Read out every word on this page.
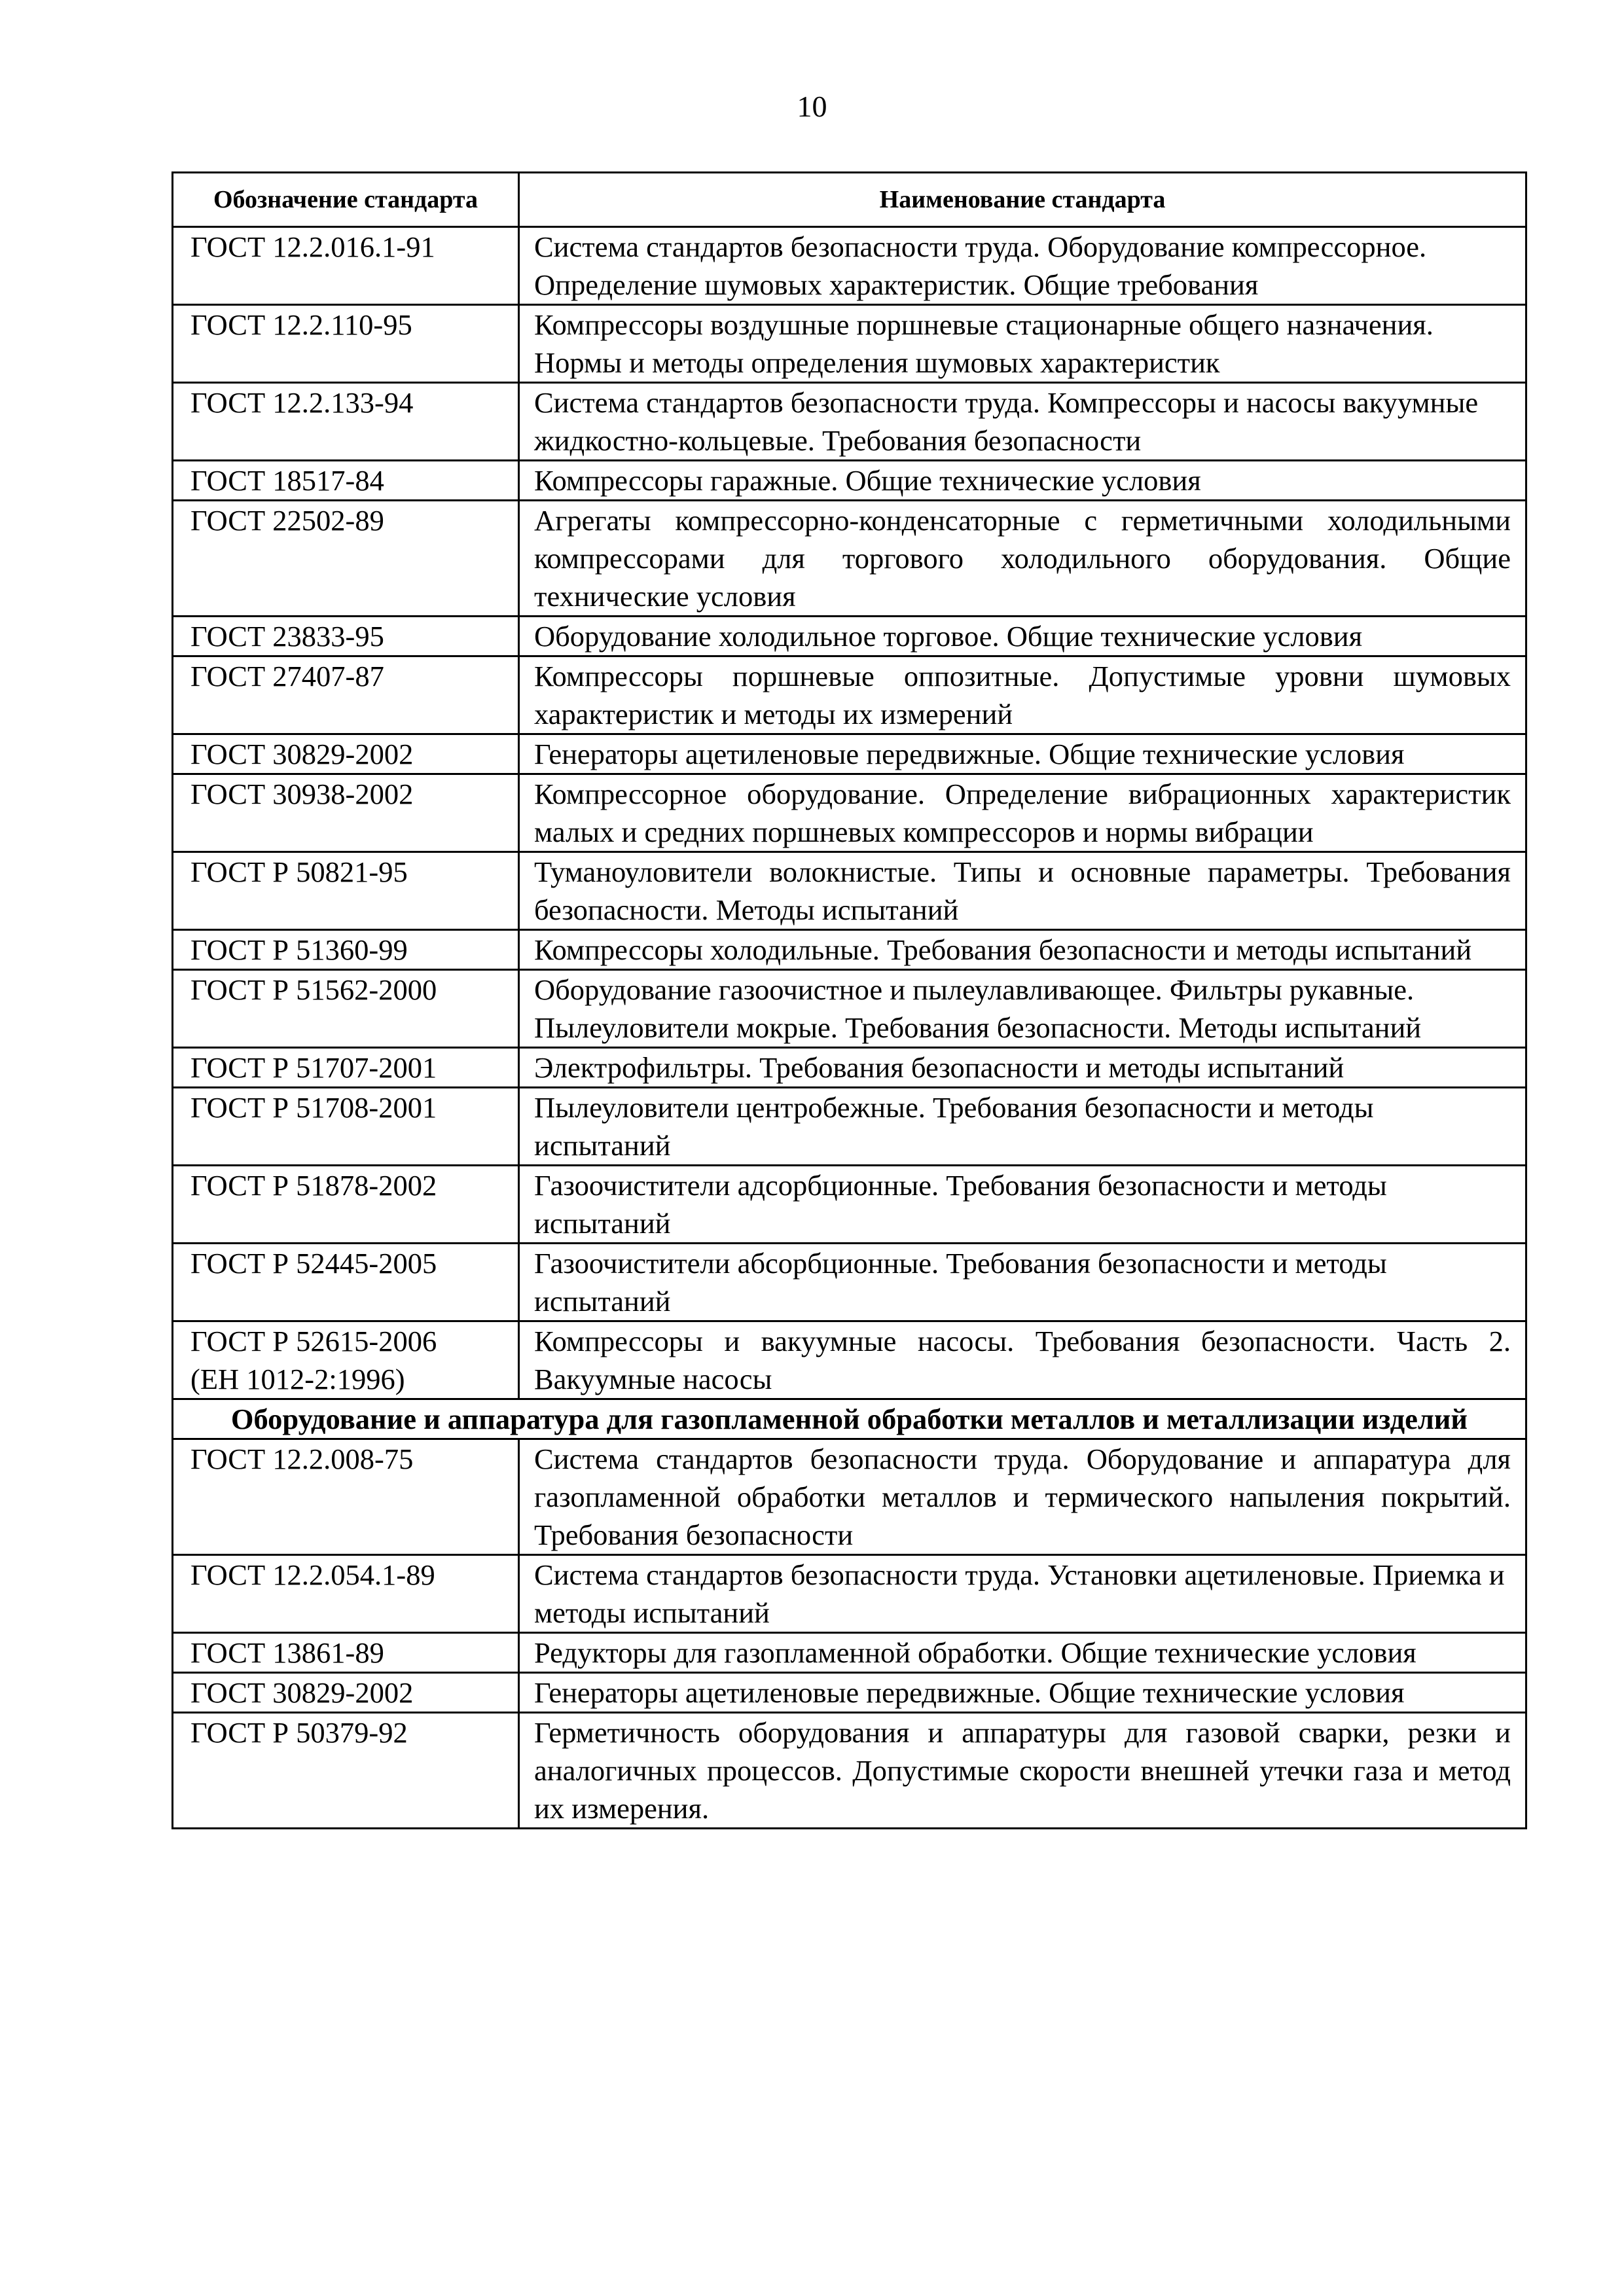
10
Обозначение стандарта	Наименование стандарта
ГОСТ 12.2.016.1-91	Система стандартов безопасности труда. Оборудование компрессорное. Определение шумовых характеристик. Общие требования
ГОСТ 12.2.110-95	Компрессоры воздушные поршневые стационарные общего назначения. Нормы и методы определения шумовых характеристик
ГОСТ 12.2.133-94	Система стандартов безопасности труда. Компрессоры и насосы вакуумные жидкостно-кольцевые. Требования безопасности
ГОСТ 18517-84	Компрессоры гаражные. Общие технические условия
ГОСТ 22502-89	Агрегаты компрессорно-конденсаторные с герметичными холодильными компрессорами для торгового холодильного оборудования. Общие технические условия
ГОСТ 23833-95	Оборудование холодильное торговое. Общие технические условия
ГОСТ 27407-87	Компрессоры поршневые оппозитные. Допустимые уровни шумовых характеристик и методы их измерений
ГОСТ 30829-2002	Генераторы ацетиленовые передвижные. Общие технические условия
ГОСТ 30938-2002	Компрессорное оборудование. Определение вибрационных характеристик малых и средних поршневых компрессоров и нормы вибрации
ГОСТ Р 50821-95	Туманоуловители волокнистые. Типы и основные параметры. Требования безопасности. Методы испытаний
ГОСТ Р 51360-99	Компрессоры холодильные. Требования безопасности и методы испытаний
ГОСТ Р 51562-2000	Оборудование газоочистное и пылеулавливающее. Фильтры рукавные. Пылеуловители мокрые. Требования безопасности. Методы испытаний
ГОСТ Р 51707-2001	Электрофильтры. Требования безопасности и методы испытаний
ГОСТ Р 51708-2001	Пылеуловители центробежные. Требования безопасности и методы испытаний
ГОСТ Р 51878-2002	Газоочистители адсорбционные. Требования безопасности и методы испытаний
ГОСТ Р 52445-2005	Газоочистители абсорбционные. Требования безопасности и методы испытаний
ГОСТ Р 52615-2006
(ЕН 1012-2:1996)	Компрессоры и вакуумные насосы. Требования безопасности. Часть 2. Вакуумные насосы
Оборудование и аппаратура для газопламенной обработки металлов и металлизации изделий	
ГОСТ 12.2.008-75	Система стандартов безопасности труда. Оборудование и аппаратура для газопламенной обработки металлов и термического напыления покрытий. Требования безопасности
ГОСТ 12.2.054.1-89	Система стандартов безопасности труда. Установки ацетиленовые. Приемка и методы испытаний
ГОСТ 13861-89	Редукторы для газопламенной обработки. Общие технические условия
ГОСТ 30829-2002	Генераторы ацетиленовые передвижные. Общие технические условия
ГОСТ Р 50379-92	Герметичность оборудования и аппаратуры для газовой сварки, резки и аналогичных процессов. Допустимые скорости внешней утечки газа и метод их измерения.
